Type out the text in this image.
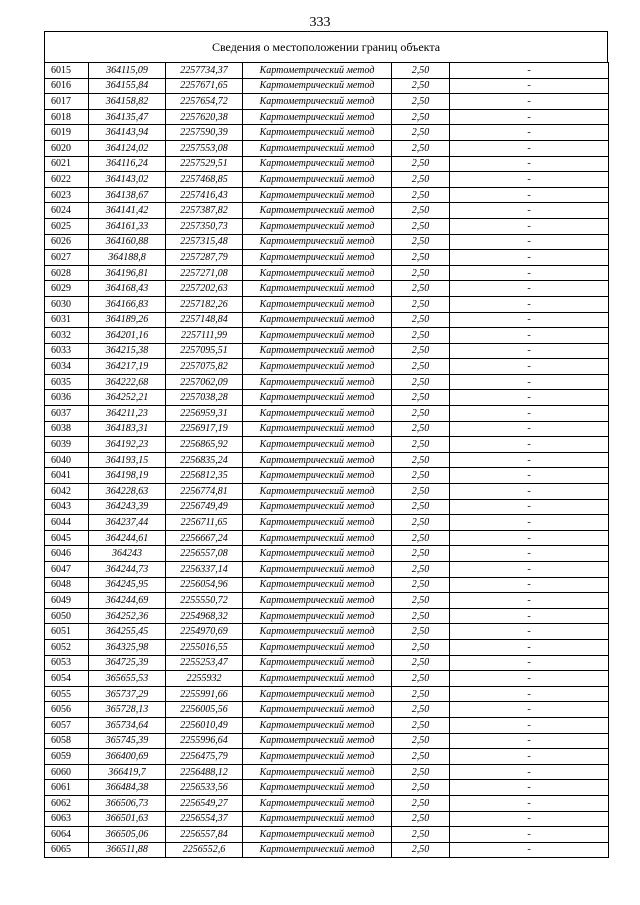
333
Сведения о местоположении границ объекта
6015	364115,09	2257734,37	Картометрический метод	2,50	-
6016	364155,84	2257671,65	Картометрический метод	2,50	-
6017	364158,82	2257654,72	Картометрический метод	2,50	-
6018	364135,47	2257620,38	Картометрический метод	2,50	-
6019	364143,94	2257590,39	Картометрический метод	2,50	-
6020	364124,02	2257553,08	Картометрический метод	2,50	-
6021	364116,24	2257529,51	Картометрический метод	2,50	-
6022	364143,02	2257468,85	Картометрический метод	2,50	-
6023	364138,67	2257416,43	Картометрический метод	2,50	-
6024	364141,42	2257387,82	Картометрический метод	2,50	-
6025	364161,33	2257350,73	Картометрический метод	2,50	-
6026	364160,88	2257315,48	Картометрический метод	2,50	-
6027	364188,8	2257287,79	Картометрический метод	2,50	-
6028	364196,81	2257271,08	Картометрический метод	2,50	-
6029	364168,43	2257202,63	Картометрический метод	2,50	-
6030	364166,83	2257182,26	Картометрический метод	2,50	-
6031	364189,26	2257148,84	Картометрический метод	2,50	-
6032	364201,16	2257111,99	Картометрический метод	2,50	-
6033	364215,38	2257095,51	Картометрический метод	2,50	-
6034	364217,19	2257075,82	Картометрический метод	2,50	-
6035	364222,68	2257062,09	Картометрический метод	2,50	-
6036	364252,21	2257038,28	Картометрический метод	2,50	-
6037	364211,23	2256959,31	Картометрический метод	2,50	-
6038	364183,31	2256917,19	Картометрический метод	2,50	-
6039	364192,23	2256865,92	Картометрический метод	2,50	-
6040	364193,15	2256835,24	Картометрический метод	2,50	-
6041	364198,19	2256812,35	Картометрический метод	2,50	-
6042	364228,63	2256774,81	Картометрический метод	2,50	-
6043	364243,39	2256749,49	Картометрический метод	2,50	-
6044	364237,44	2256711,65	Картометрический метод	2,50	-
6045	364244,61	2256667,24	Картометрический метод	2,50	-
6046	364243	2256557,08	Картометрический метод	2,50	-
6047	364244,73	2256337,14	Картометрический метод	2,50	-
6048	364245,95	2256054,96	Картометрический метод	2,50	-
6049	364244,69	2255550,72	Картометрический метод	2,50	-
6050	364252,36	2254968,32	Картометрический метод	2,50	-
6051	364255,45	2254970,69	Картометрический метод	2,50	-
6052	364325,98	2255016,55	Картометрический метод	2,50	-
6053	364725,39	2255253,47	Картометрический метод	2,50	-
6054	365655,53	2255932	Картометрический метод	2,50	-
6055	365737,29	2255991,66	Картометрический метод	2,50	-
6056	365728,13	2256005,56	Картометрический метод	2,50	-
6057	365734,64	2256010,49	Картометрический метод	2,50	-
6058	365745,39	2255996,64	Картометрический метод	2,50	-
6059	366400,69	2256475,79	Картометрический метод	2,50	-
6060	366419,7	2256488,12	Картометрический метод	2,50	-
6061	366484,38	2256533,56	Картометрический метод	2,50	-
6062	366506,73	2256549,27	Картометрический метод	2,50	-
6063	366501,63	2256554,37	Картометрический метод	2,50	-
6064	366505,06	2256557,84	Картометрический метод	2,50	-
6065	366511,88	2256552,6	Картометрический метод	2,50	-
